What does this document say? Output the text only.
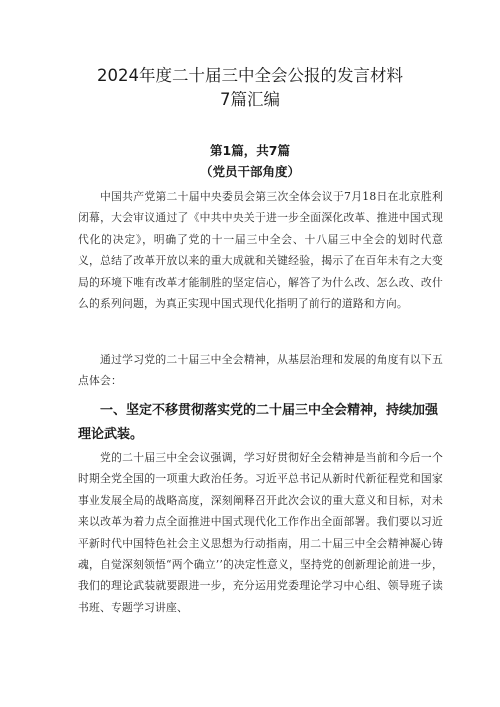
2024年度二十届三中全会公报的发言材料
7篇汇编
第1篇，共7篇
（党员干部角度）
中国共产党第二十届中央委员会第三次全体会议于7月18日在北京胜利闭幕，大会审议通过了《中共中央关于进一步全面深化改革、推进中国式现代化的决定》，明确了党的十一届三中全会、十八届三中全会的划时代意义，总结了改革开放以来的重大成就和关键经验，揭示了在百年未有之大变局的环境下唯有改革才能制胜的坚定信心，解答了为什么改、怎么改、改什么的系列问题，为真正实现中国式现代化指明了前行的道路和方向。
通过学习党的二十届三中全会精神，从基层治理和发展的角度有以下五点体会：
一、坚定不移贯彻落实党的二十届三中全会精神，持续加强理论武装。
党的二十届三中全会议强调，学习好贯彻好全会精神是当前和今后一个时期全党全国的一项重大政治任务。习近平总书记从新时代新征程党和国家事业发展全局的战略高度，深刻阐释召开此次会议的重大意义和目标，对未来以改革为着力点全面推进中国式现代化工作作出全面部署。我们要以习近平新时代中国特色社会主义思想为行动指南，用二十届三中全会精神凝心铸魂，自觉深刻领悟“两个确立’’的决定性意义，坚持党的创新理论前进一步，我们的理论武装就要跟进一步，充分运用党委理论学习中心组、领导班子读书班、专题学习讲座、
